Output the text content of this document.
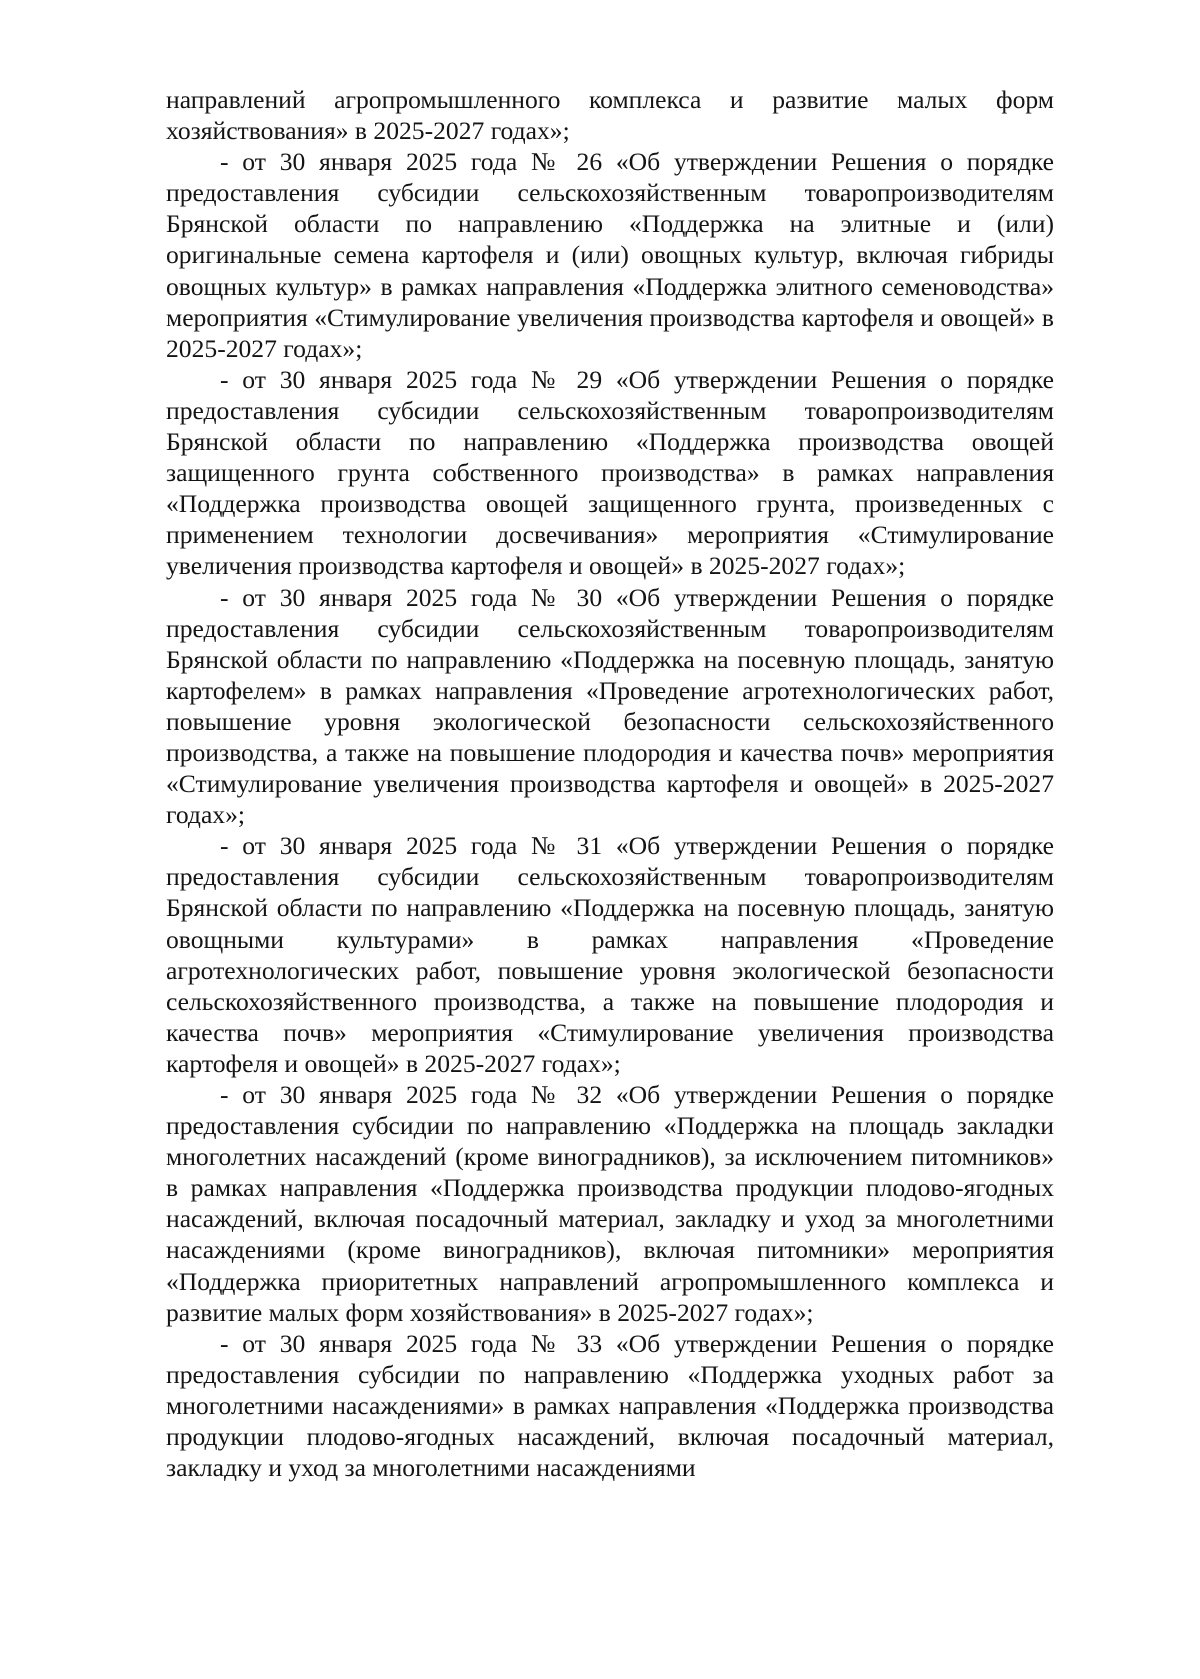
направлений агропромышленного комплекса и развитие малых форм хозяйствования» в 2025-2027 годах»;

- от 30 января 2025 года № 26 «Об утверждении Решения о порядке предоставления субсидии сельскохозяйственным товаропроизводителям Брянской области по направлению «Поддержка на элитные и (или) оригинальные семена картофеля и (или) овощных культур, включая гибриды овощных культур» в рамках направления «Поддержка элитного семеноводства» мероприятия «Стимулирование увеличения производства картофеля и овощей» в 2025-2027 годах»;

- от 30 января 2025 года № 29 «Об утверждении Решения о порядке предоставления субсидии сельскохозяйственным товаропроизводителям Брянской области по направлению «Поддержка производства овощей защищенного грунта собственного производства» в рамках направления «Поддержка производства овощей защищенного грунта, произведенных с применением технологии досвечивания» мероприятия «Стимулирование увеличения производства картофеля и овощей» в 2025-2027 годах»;

- от 30 января 2025 года № 30 «Об утверждении Решения о порядке предоставления субсидии сельскохозяйственным товаропроизводителям Брянской области по направлению «Поддержка на посевную площадь, занятую картофелем» в рамках направления «Проведение агротехнологических работ, повышение уровня экологической безопасности сельскохозяйственного производства, а также на повышение плодородия и качества почв» мероприятия «Стимулирование увеличения производства картофеля и овощей» в 2025-2027 годах»;

- от 30 января 2025 года № 31 «Об утверждении Решения о порядке предоставления субсидии сельскохозяйственным товаропроизводителям Брянской области по направлению «Поддержка на посевную площадь, занятую овощными культурами» в рамках направления «Проведение агротехнологических работ, повышение уровня экологической безопасности сельскохозяйственного производства, а также на повышение плодородия и качества почв» мероприятия «Стимулирование увеличения производства картофеля и овощей» в 2025-2027 годах»;

- от 30 января 2025 года № 32 «Об утверждении Решения о порядке предоставления субсидии по направлению «Поддержка на площадь закладки многолетних насаждений (кроме виноградников), за исключением питомников» в рамках направления «Поддержка производства продукции плодово-ягодных насаждений, включая посадочный материал, закладку и уход за многолетними насаждениями (кроме виноградников), включая питомники» мероприятия «Поддержка приоритетных направлений агропромышленного комплекса и развитие малых форм хозяйствования» в 2025-2027 годах»;

- от 30 января 2025 года № 33 «Об утверждении Решения о порядке предоставления субсидии по направлению «Поддержка уходных работ за многолетними насаждениями» в рамках направления «Поддержка производства продукции плодово-ягодных насаждений, включая посадочный материал, закладку и уход за многолетними насаждениями
